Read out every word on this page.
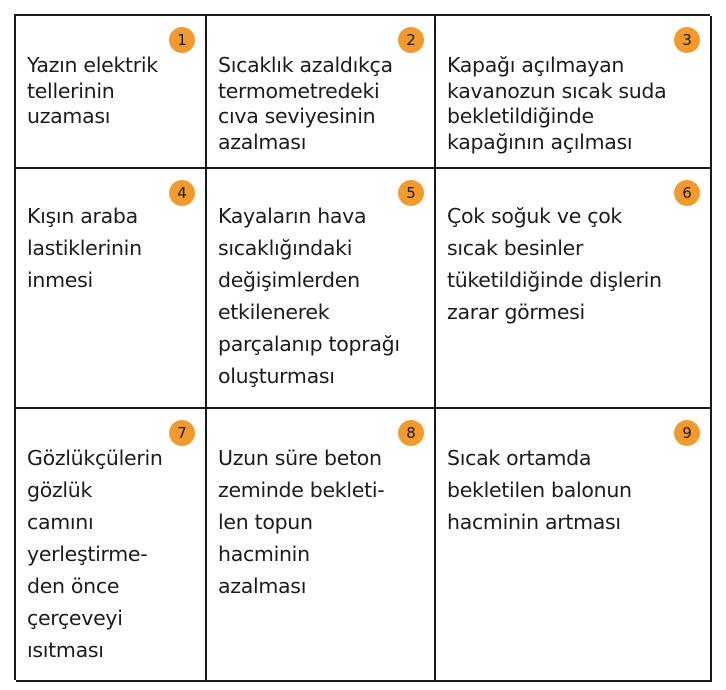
1
Yazın elektrik
tellerinin
uzaması
2
Sıcaklık azaldıkça
termometredeki
cıva seviyesinin
azalması
3
Kapağı açılmayan
kavanozun sıcak suda
bekletildiğinde
kapağının açılması
4
Kışın araba
lastiklerinin
inmesi
5
Kayaların hava
sıcaklığındaki
değişimlerden
etkilenerek
parçalanıp toprağı
oluşturması
6
Çok soğuk ve çok
sıcak besinler
tüketildiğinde dişlerin
zarar görmesi
7
Gözlükçülerin
gözlük
camını
yerleştirme-
den önce
çerçeveyi
ısıtması
8
Uzun süre beton
zeminde bekleti-
len topun
hacminin
azalması
9
Sıcak ortamda
bekletilen balonun
hacminin artması
